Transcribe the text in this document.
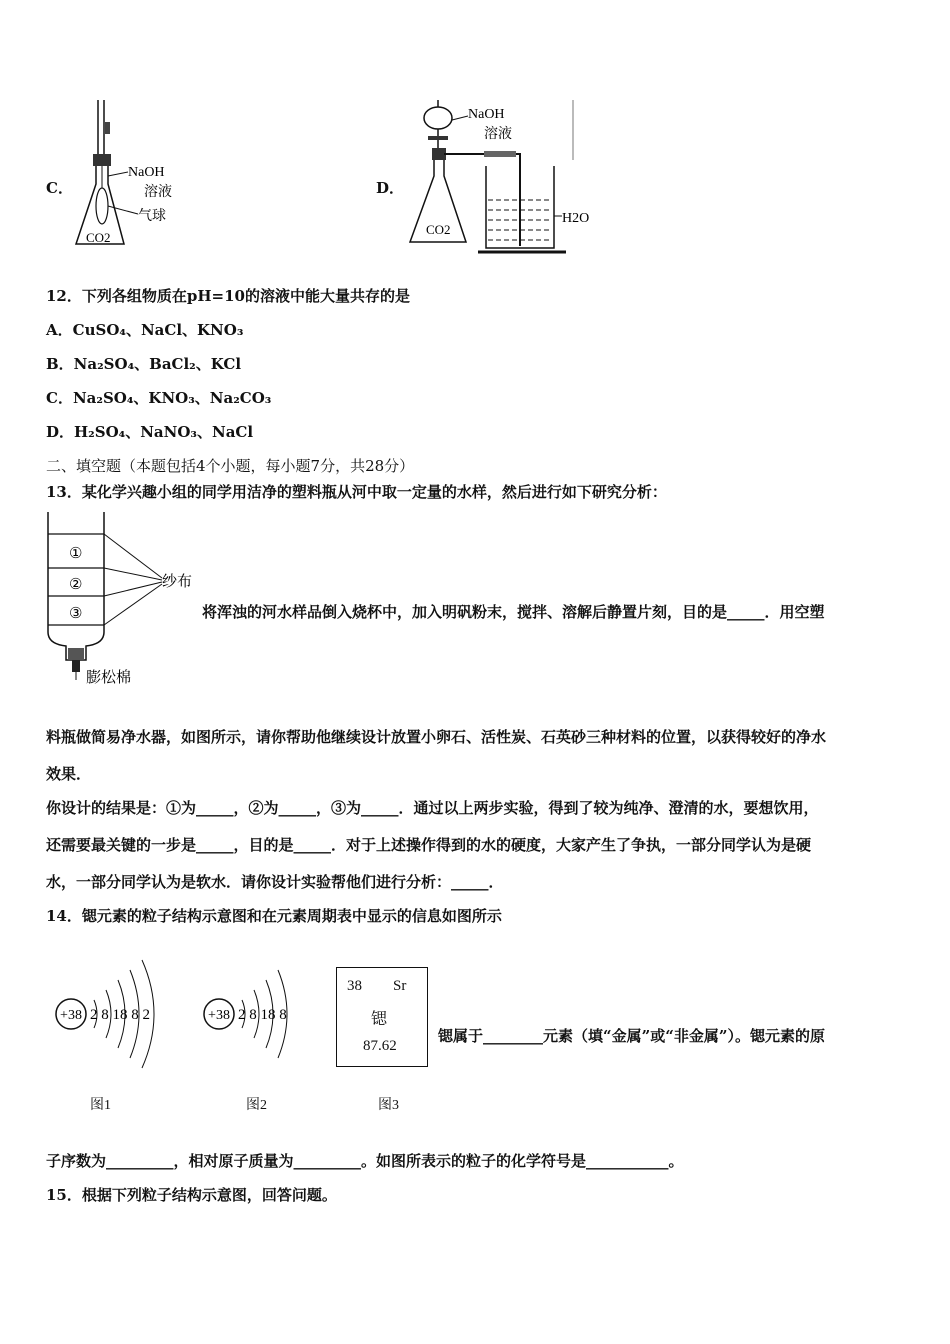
C．
NaOH
溶液
气球
CO2
D．
NaOH
溶液
CO2
H2O
12．下列各组物质在pH=10的溶液中能大量共存的是
A．CuSO₄、NaCl、KNO₃
B．Na₂SO₄、BaCl₂、KCl
C．Na₂SO₄、KNO₃、Na₂CO₃
D．H₂SO₄、NaNO₃、NaCl
二、填空题（本题包括4个小题，每小题7分，共28分）
13．某化学兴趣小组的同学用洁净的塑料瓶从河中取一定量的水样，然后进行如下研究分析：
①
②
③
纱布
膨松棉
将浑浊的河水样品倒入烧杯中，加入明矾粉末，搅拌、溶解后静置片刻，目的是_____．用空塑
料瓶做简易净水器，如图所示，请你帮助他继续设计放置小卵石、活性炭、石英砂三种材料的位置，以获得较好的净水
效果．
你设计的结果是：①为_____，②为_____，③为_____．通过以上两步实验，得到了较为纯净、澄清的水，要想饮用，
还需要最关键的一步是_____，目的是_____．对于上述操作得到的水的硬度，大家产生了争执，一部分同学认为是硬
水，一部分同学认为是软水．请你设计实验帮他们进行分析：_____．
14．锶元素的粒子结构示意图和在元素周期表中显示的信息如图所示
+38 2 8 18 8 2
图1
+38 2 8 18 8
图2
38 Sr
锶
87.62
图3
锶属于________元素（填“金属”或“非金属”）。锶元素的原
子序数为_________，相对原子质量为_________。如图所表示的粒子的化学符号是___________。
15．根据下列粒子结构示意图，回答问题。
